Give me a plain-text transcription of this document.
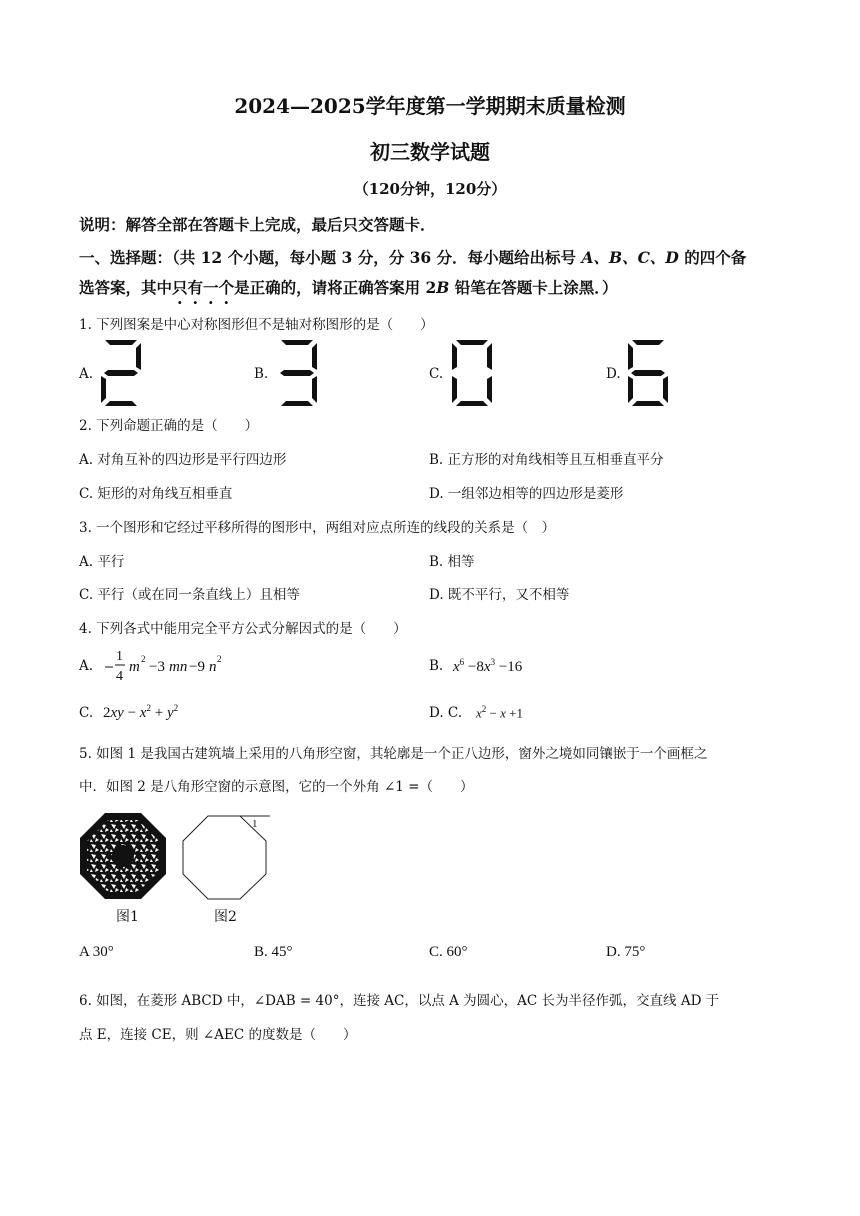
2024—2025学年度第一学期期末质量检测
初三数学试题
（120分钟，120分）
说明：解答全部在答题卡上完成，最后只交答题卡．
一、选择题：（共 12 个小题，每小题 3 分，分 36 分．每小题给出标号 A、B、C、D 的四个备
选答案，其中只有一个是正确的，请将正确答案用 2B 铅笔在答题卡上涂黑．）
1. 下列图案是中心对称图形但不是轴对称图形的是（　　）
A.	B.	C.	D.
2. 下列命题正确的是（　　）
A. 对角互补的四边形是平行四边形	B. 正方形的对角线相等且互相垂直平分
C. 矩形的对角线互相垂直	D. 一组邻边相等的四边形是菱形
3. 一个图形和它经过平移所得的图形中，两组对应点所连的线段的关系是（　）
A. 平行	B. 相等
C. 平行（或在同一条直线上）且相等	D. 既不平行，又不相等
4. 下列各式中能用完全平方公式分解因式的是（　　）
A.
1
4
m 2 −3 mn −9 n 2	B. $x^6 -8x^3 -16$
C. $2xy - x^2 + y^2$	D. C. $x^2 - x +1$
5. 如图 1 是我国古建筑墙上采用的八角形空窗，其轮廓是一个正八边形，窗外之境如同镶嵌于一个画框之
中．如图 2 是八角形空窗的示意图，它的一个外角 ∠1 =（　　）
图1
1
图2
A 30°	B. 45°	C. 60°	D. 75°
6. 如图，在菱形 ABCD 中，∠DAB = 40°，连接 AC，以点 A 为圆心，AC 长为半径作弧，交直线 AD 于
点 E，连接 CE，则 ∠AEC 的度数是（　　）
